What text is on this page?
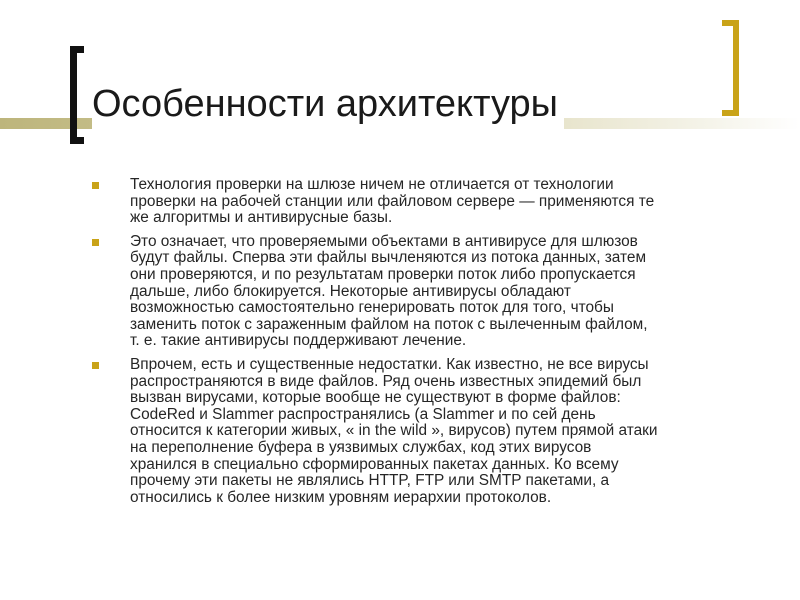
Особенности архитектуры
Технология проверки на шлюзе ничем не отличается от технологии
проверки на рабочей станции или файловом сервере — применяются те
же алгоритмы и антивирусные базы.
Это означает, что проверяемыми объектами в антивирусе для шлюзов
будут файлы. Сперва эти файлы вычленяются из потока данных, затем
они проверяются, и по результатам проверки поток либо пропускается
дальше, либо блокируется. Некоторые антивирусы обладают
возможностью самостоятельно генерировать поток для того, чтобы
заменить поток с зараженным файлом на поток с вылеченным файлом,
т. е. такие антивирусы поддерживают лечение.
Впрочем, есть и существенные недостатки. Как известно, не все вирусы
распространяются в виде файлов. Ряд очень известных эпидемий был
вызван вирусами, которые вообще не существуют в форме файлов:
CodeRed и Slammer распространялись (а Slammer и по сей день
относится к категории живых, « in the wild », вирусов) путем прямой атаки
на переполнение буфера в уязвимых службах, код этих вирусов
хранился в специально сформированных пакетах данных. Ко всему
прочему эти пакеты не являлись HTTP, FTP или SMTP пакетами, а
относились к более низким уровням иерархии протоколов.
